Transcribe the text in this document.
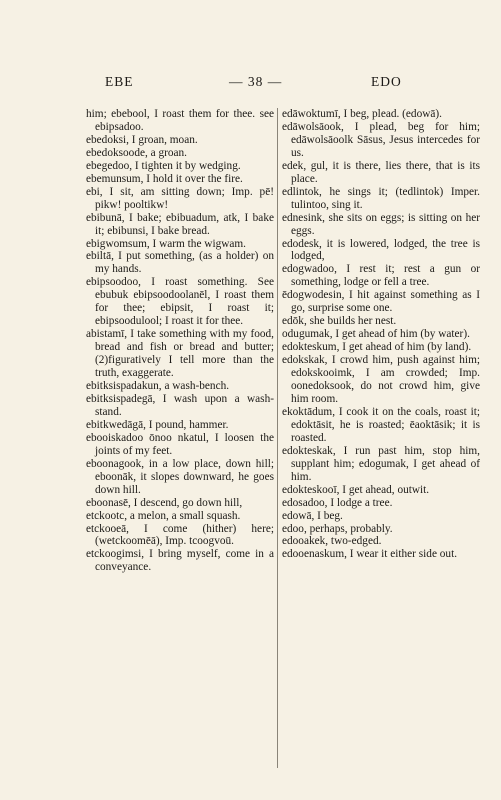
EBE	— 38 —	EDO

him; ebebool, I roast them for thee. see ebipsadoo.

ebedoksi, I groan, moan.

ebedoksoode, a groan.

ebegedoo, I tighten it by wedging.

ebemunsum, I hold it over the fire.

ebi, I sit, am sitting down; Imp. pē! pikw! pooltikw!

ebibunā, I bake; ebibuadum, atk, I bake it; ebibunsi, I bake bread.

ebigwomsum, I warm the wigwam.

ebiltā, I put something, (as a holder) on my hands.

ebipsoodoo, I roast something. See ebubuk ebipsoodoolanēl, I roast them for thee; ebipsit, I roast it; ebipsoodulool; I roast it for thee.

abistamī, I take something with my food, bread and fish or bread and butter;(2)figuratively I tell more than the truth, exaggerate.

ebitksispadakun, a wash-bench.

ebitksispadegā, I wash upon a wash-stand.

ebitkwedāgā, I pound, hammer.

ebooiskadoo ōnoo nkatul, I loosen the joints of my feet.

eboonagook, in a low place, down hill; eboonāk, it slopes downward, he goes down hill.

eboonasē, I descend, go down hill,

etckootc, a melon, a small squash.

etckooeā, I come (hither) here; (wetckoomēā), Imp. tcoogvoū.

etckoogimsi, I bring myself, come in a conveyance.

edāwoktumī, I beg, plead. (edowā).

edāwolsāook, I plead, beg for him; edāwolsāoolk Sāsus, Jesus intercedes for us.

edek, gul, it is there, lies there, that is its place.

edlintok, he sings it; (tedlintok) Imper. tulintoo, sing it.

ednesink, she sits on eggs; is sitting on her eggs.

edodesk, it is lowered, lodged, the tree is lodged,

edogwadoo, I rest it; rest a gun or something, lodge or fell a tree.

ēdogwodesin, I hit against something as I go, surprise some one.

edōk, she builds her nest.

odugumak, I get ahead of him (by water).

edokteskum, I get ahead of him (by land).

edokskak, I crowd him, push against him; edokskooimk, I am crowded; Imp. oonedoksook, do not crowd him, give him room.

ekoktādum, I cook it on the coals, roast it; edoktāsit, he is roasted; ēaoktāsik; it is roasted.

edokteskak, I run past him, stop him, supplant him; edogumak, I get ahead of him.

edokteskooī, I get ahead, outwit.

edosadoo, I lodge a tree.

edowā, I beg.

edoo, perhaps, probably.

edooakek, two-edged.

edooenaskum, I wear it either side out.
